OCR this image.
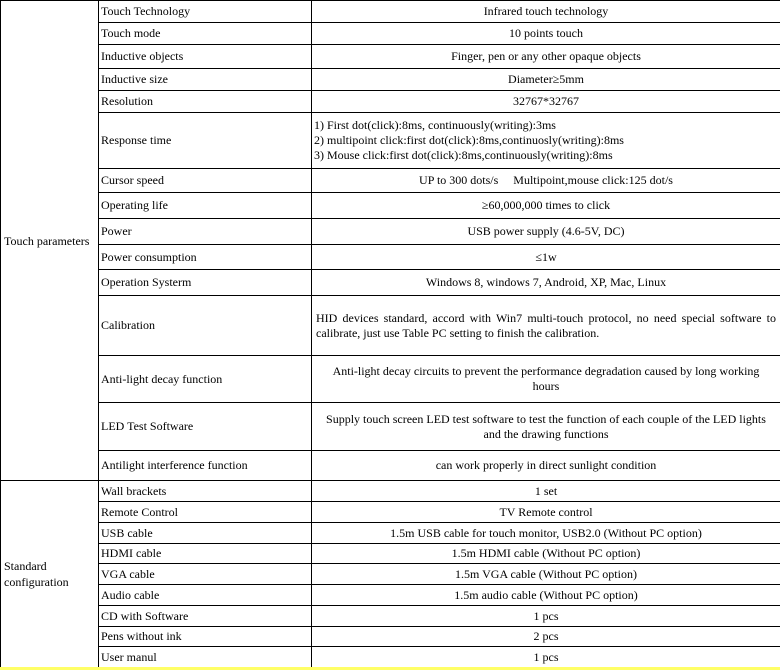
Touch parameters	Touch Technology	Infrared touch technology
	Touch mode	10 points touch
	Inductive objects	Finger, pen or any other opaque objects
	Inductive size	Diameter≥5mm
	Resolution	32767*32767
	Response time	1) First dot(click):8ms, continuously(writing):3ms
2) multipoint click:first dot(click):8ms,continuosly(writing):8ms
3) Mouse click:first dot(click):8ms,continuously(writing):8ms

	Cursor speed	UP to 300 dots/s     Multipoint,mouse click:125 dot/s
	Operating life	≥60,000,000 times to click
	Power	USB power supply (4.6-5V, DC)
	Power consumption	≤1w
	Operation Systerm	Windows 8, windows 7, Android, XP, Mac, Linux
	Calibration	HID devices standard, accord with Win7 multi-touch protocol, no need special software to calibrate, just use Table PC setting to finish the calibration.
	Anti-light decay function	Anti-light decay circuits to prevent the performance degradation caused by long working hours
	LED Test Software	Supply touch screen LED test software to test the function of each couple of the LED lights and the drawing functions
	Antilight interference function	can work properly in direct sunlight condition
Standard configuration	Wall brackets	1 set
	Remote Control	TV Remote control
	USB cable	1.5m USB cable for touch monitor, USB2.0 (Without PC option)
	HDMI cable	1.5m HDMI cable (Without PC option)
	VGA cable	1.5m VGA cable (Without PC option)
	Audio cable	1.5m audio cable (Without PC option)
	CD with Software	1 pcs
	Pens without ink	2 pcs
	User manul	1 pcs
